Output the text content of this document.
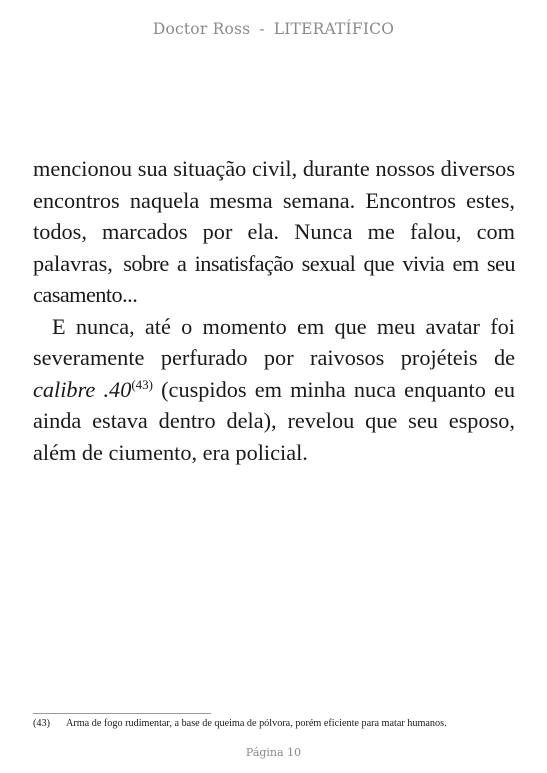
Doctor Ross - LITERATÍFICO

mencionou sua situação civil, durante nossos diversos encontros naquela mesma semana. Encontros estes, todos, marcados por ela. Nunca me falou, com palavras, sobre a insatisfação sexual que vivia em seu casamento...

E nunca, até o momento em que meu avatar foi severamente perfurado por raivosos projéteis de calibre .40$^{(43)}$ (cuspidos em minha nuca enquanto eu ainda estava dentro dela), revelou que seu esposo, além de ciumento, era policial.

(43) Arma de fogo rudimentar, a base de queima de pólvora, porém eficiente para matar humanos.
Página 10
